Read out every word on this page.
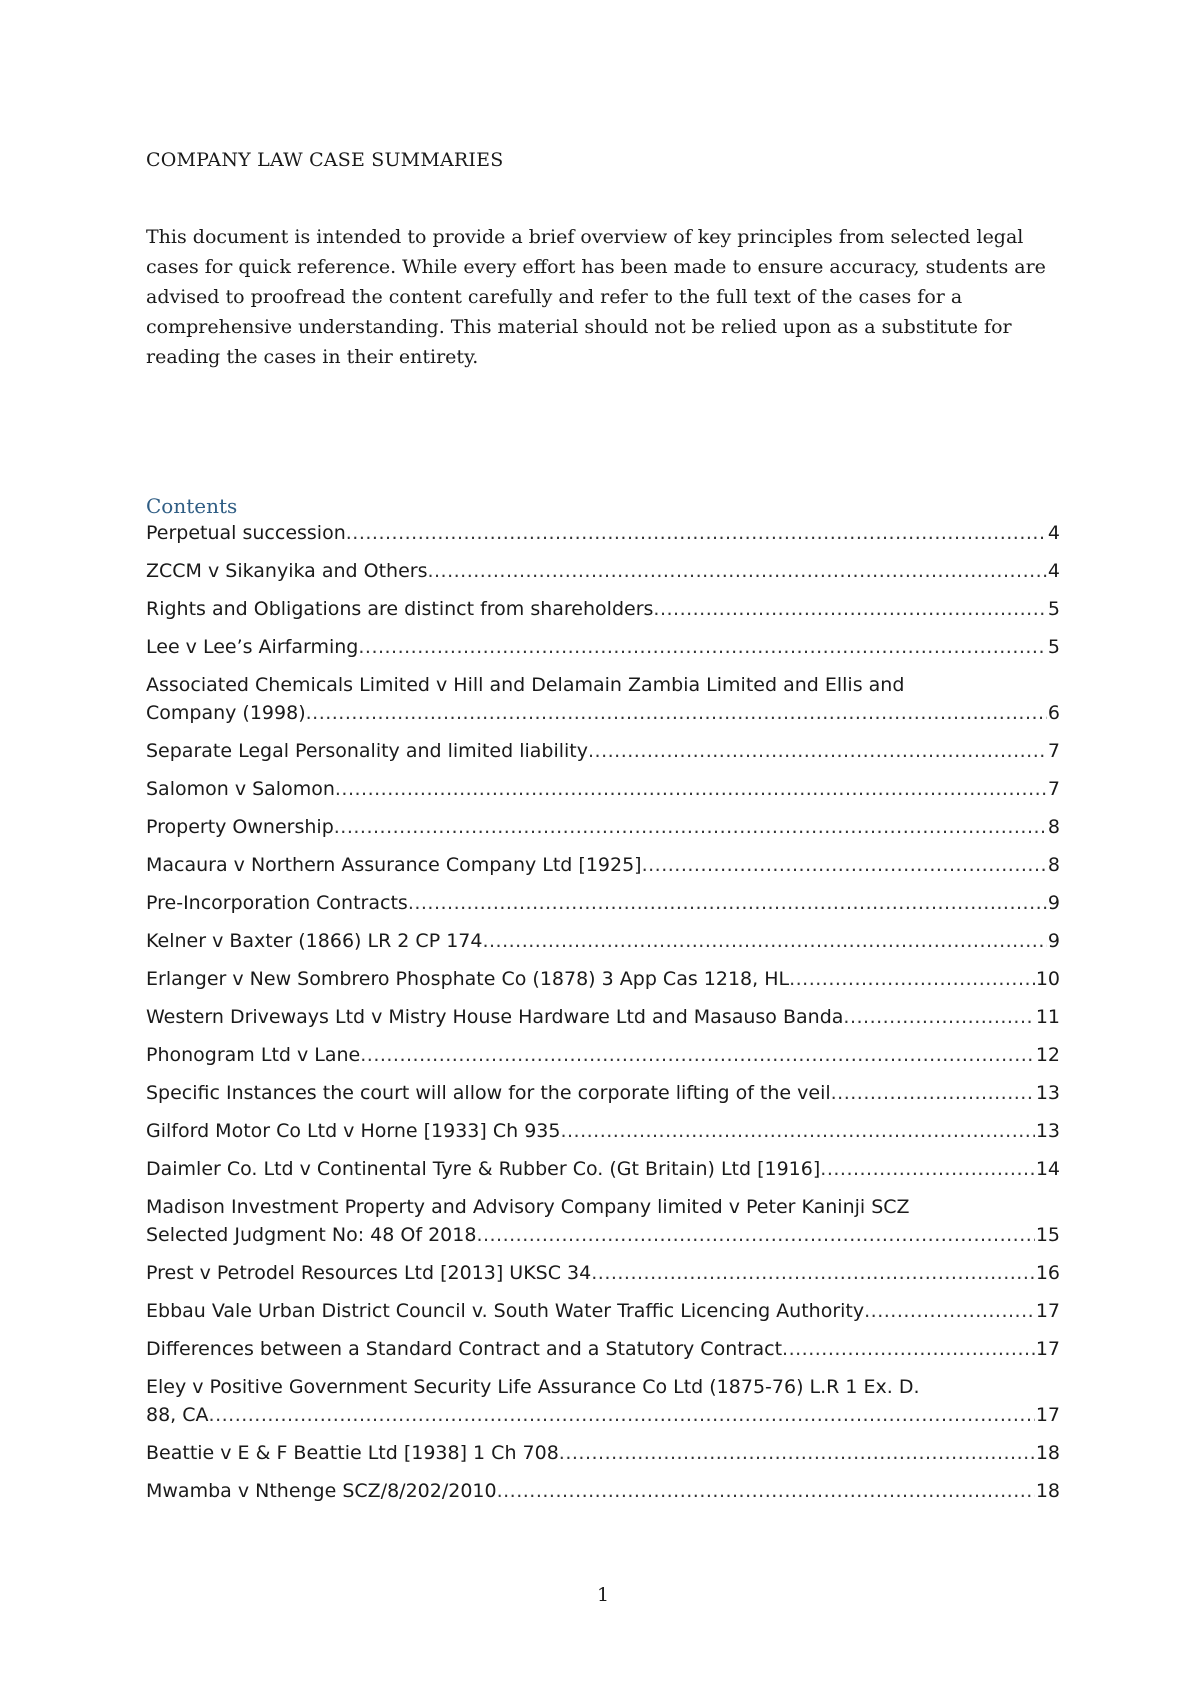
COMPANY LAW CASE SUMMARIES

This document is intended to provide a brief overview of key principles from selected legal
cases for quick reference. While every effort has been made to ensure accuracy, students are
advised to proofread the content carefully and refer to the full text of the cases for a
comprehensive understanding. This material should not be relied upon as a substitute for
reading the cases in their entirety.

Contents
Perpetual succession .....	4
ZCCM v Sikanyika and Others .....	4
Rights and Obligations are distinct from shareholders .....	5
Lee v Lee’s Airfarming .....	5
Associated Chemicals Limited v Hill and Delamain Zambia Limited and Ellis and
Company (1998) .....	6
Separate Legal Personality and limited liability .....	7
Salomon v Salomon .....	7
Property Ownership .....	8
Macaura v Northern Assurance Company Ltd [1925] .....	8
Pre-Incorporation Contracts .....	9
Kelner v Baxter (1866) LR 2 CP 174 .....	9
Erlanger v New Sombrero Phosphate Co (1878) 3 App Cas 1218, HL .....	10
Western Driveways Ltd v Mistry House Hardware Ltd and Masauso Banda .....	11
Phonogram Ltd v Lane .....	12
Specific Instances the court will allow for the corporate lifting of the veil .....	13
Gilford Motor Co Ltd v Horne [1933] Ch 935 .....	13
Daimler Co. Ltd v Continental Tyre & Rubber Co. (Gt Britain) Ltd [1916] .....	14
Madison Investment Property and Advisory Company limited v Peter Kaninji SCZ
Selected Judgment No: 48 Of 2018 .....	15
Prest v Petrodel Resources Ltd [2013] UKSC 34 .....	16
Ebbau Vale Urban District Council v. South Water Traffic Licencing Authority .....	17
Differences between a Standard Contract and a Statutory Contract .....	17
Eley v Positive Government Security Life Assurance Co Ltd (1875-76) L.R 1 Ex. D.
88, CA .....	17
Beattie v E & F Beattie Ltd [1938] 1 Ch 708 .....	18
Mwamba v Nthenge SCZ/8/202/2010 .....	18
1
